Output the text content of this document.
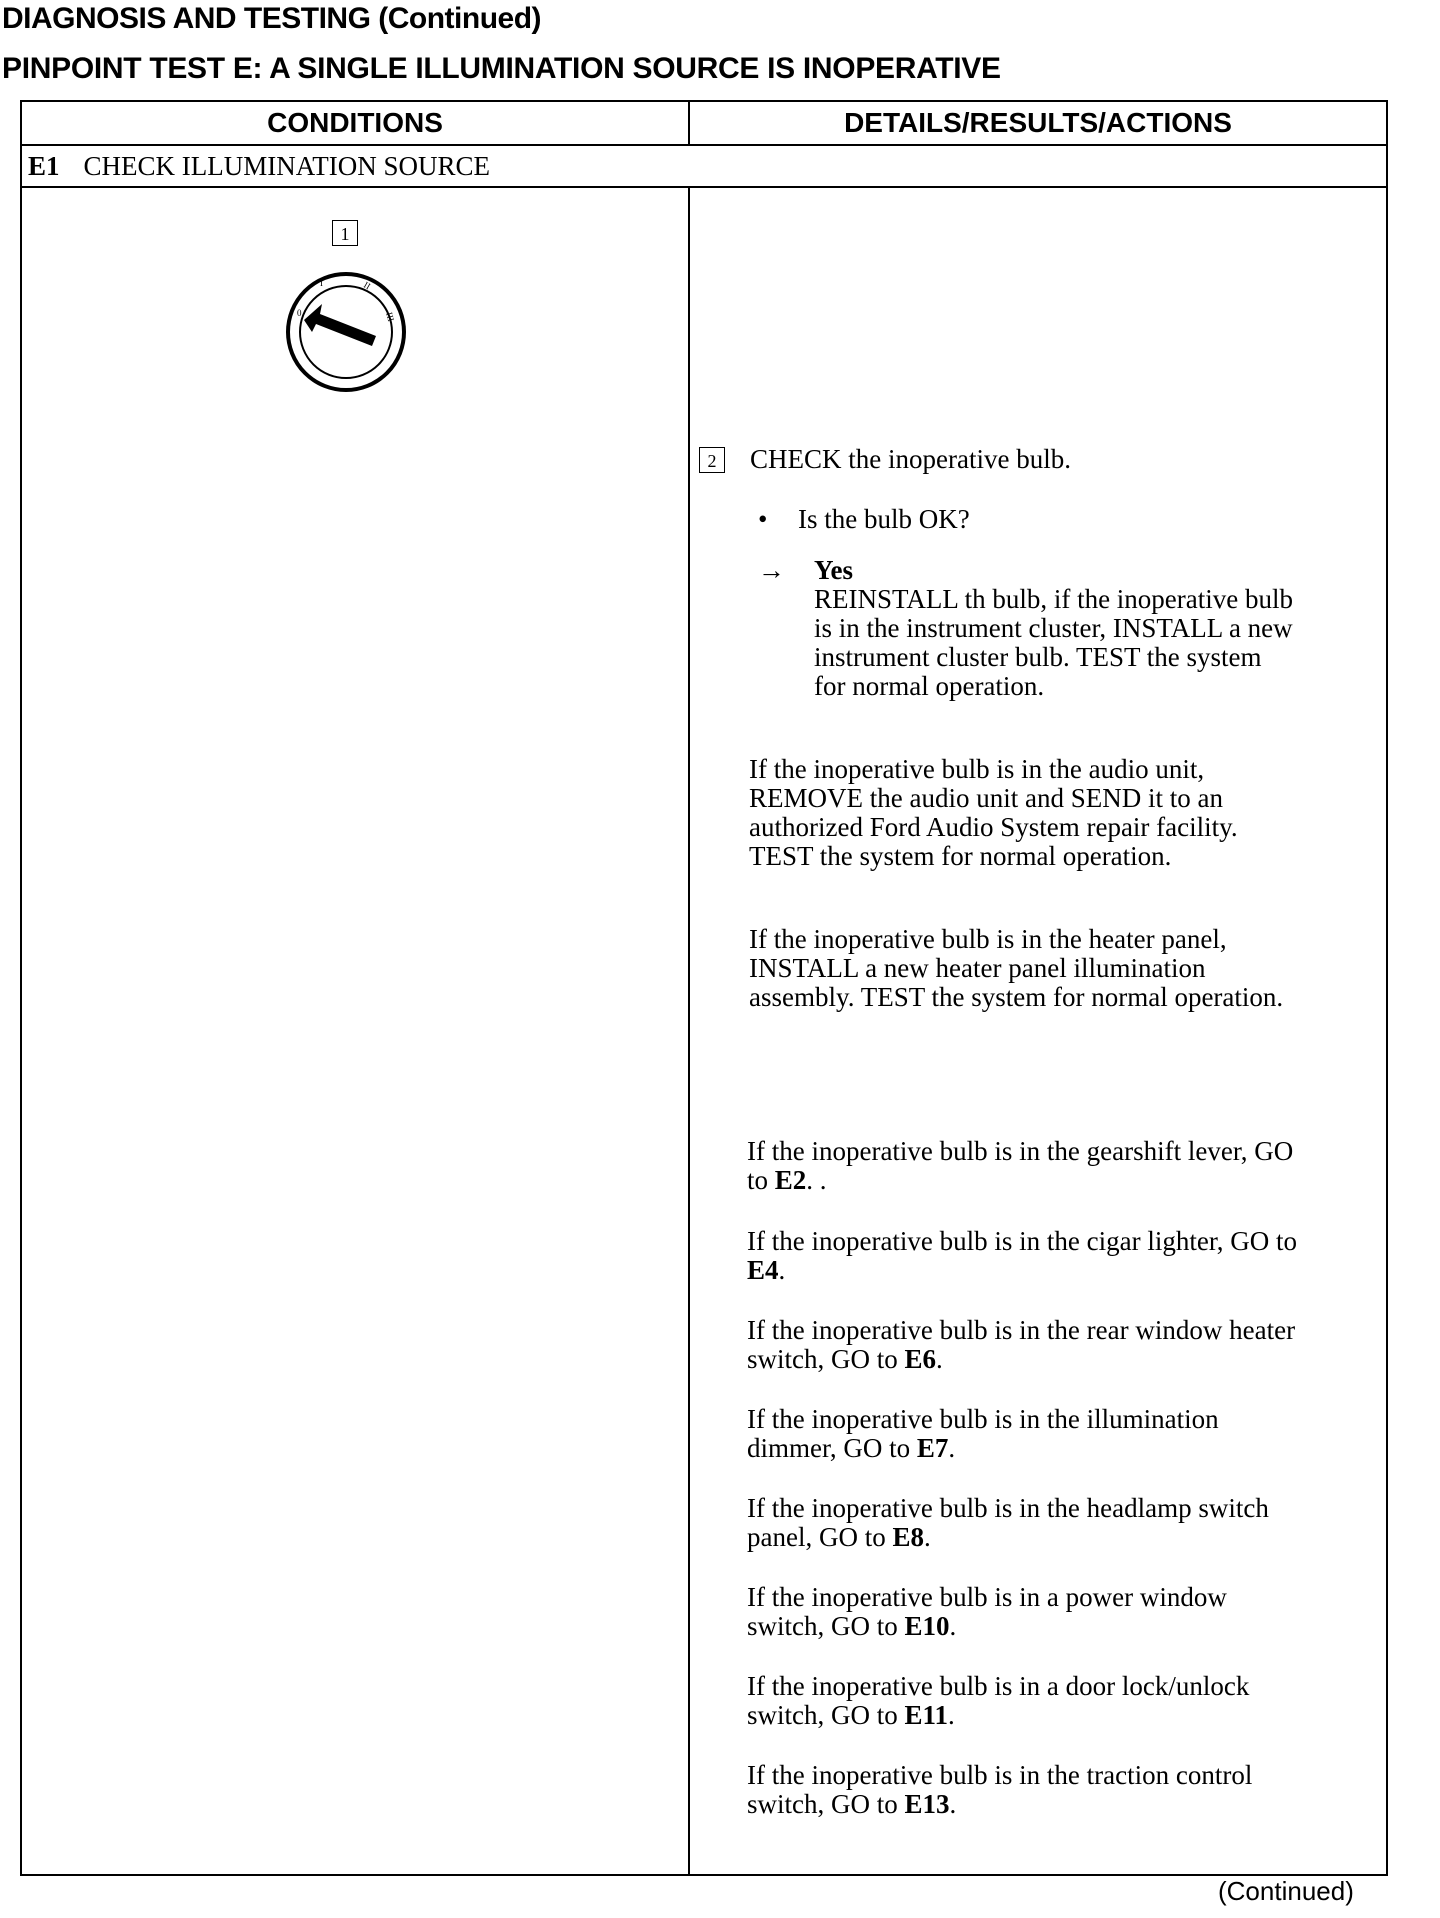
DIAGNOSIS AND TESTING (Continued)
PINPOINT TEST E: A SINGLE ILLUMINATION SOURCE IS INOPERATIVE
CONDITIONS	DETAILS/RESULTS/ACTIONS
E1 CHECK ILLUMINATION SOURCE
1
0
I	II
III
2	CHECK the inoperative bulb.
• Is the bulb OK?
→ Yes
REINSTALL th bulb, if the inoperative bulb
is in the instrument cluster, INSTALL a new
instrument cluster bulb. TEST the system
for normal operation.
If the inoperative bulb is in the audio unit,
REMOVE the audio unit and SEND it to an
authorized Ford Audio System repair facility.
TEST the system for normal operation.
If the inoperative bulb is in the heater panel,
INSTALL a new heater panel illumination
assembly. TEST the system for normal operation.
If the inoperative bulb is in the gearshift lever, GO
to E2. .
If the inoperative bulb is in the cigar lighter, GO to
E4.
If the inoperative bulb is in the rear window heater
switch, GO to E6.
If the inoperative bulb is in the illumination
dimmer, GO to E7.
If the inoperative bulb is in the headlamp switch
panel, GO to E8.
If the inoperative bulb is in a power window
switch, GO to E10.
If the inoperative bulb is in a door lock/unlock
switch, GO to E11.
If the inoperative bulb is in the traction control
switch, GO to E13.
(Continued)
